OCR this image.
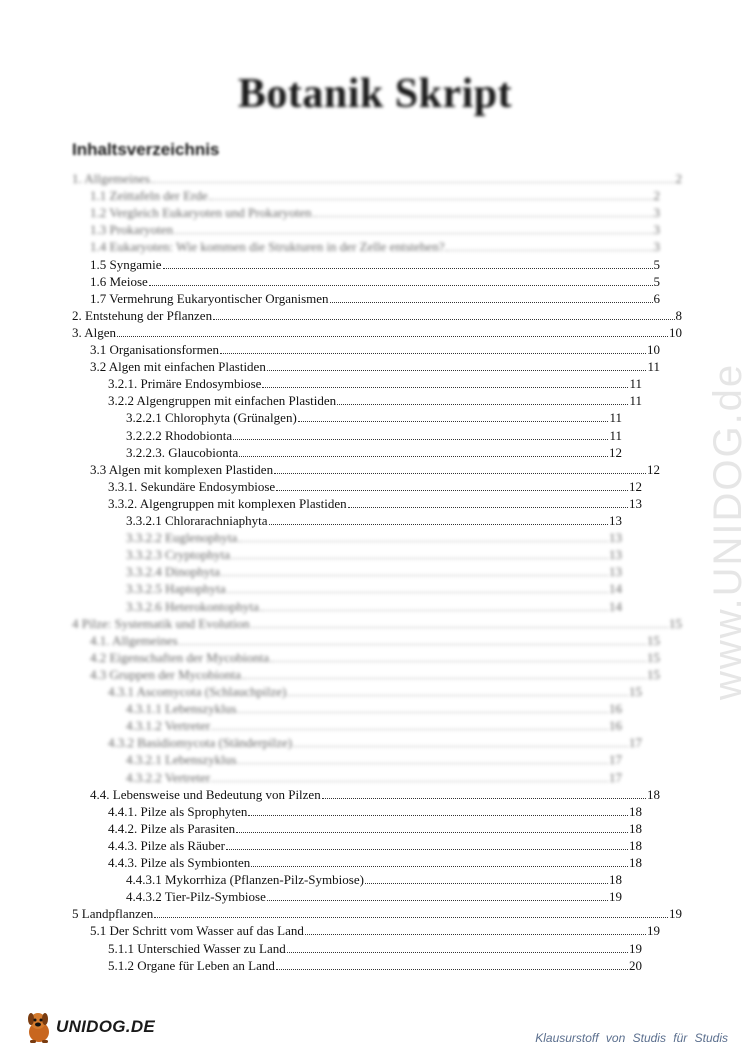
Botanik Skript
Inhaltsverzeichnis
1. Allgemeines	2
1.1 Zeittafeln der Erde	2
1.2 Vergleich Eukaryoten und Prokaryoten	3
1.3 Prokaryoten	3
1.4 Eukaryoten: Wie kommen die Strukturen in der Zelle entstehen?	3
1.5 Syngamie	5
1.6 Meiose	5
1.7 Vermehrung Eukaryontischer Organismen	6
2. Entstehung der Pflanzen	8
3. Algen	10
3.1 Organisationsformen	10
3.2 Algen mit einfachen Plastiden	11
3.2.1. Primäre Endosymbiose	11
3.2.2 Algengruppen mit einfachen Plastiden	11
3.2.2.1 Chlorophyta (Grünalgen)	11
3.2.2.2 Rhodobionta	11
3.2.2.3. Glaucobionta	12
3.3 Algen mit komplexen Plastiden	12
3.3.1. Sekundäre Endosymbiose	12
3.3.2. Algengruppen mit komplexen Plastiden	13
3.3.2.1 Chlorarachniaphyta	13
3.3.2.2 Euglenophyta	13
3.3.2.3 Cryptophyta	13
3.3.2.4 Dinophyta	13
3.3.2.5 Haptophyta	14
3.3.2.6 Heterokontophyta	14
4 Pilze: Systematik und Evolution	15
4.1. Allgemeines	15
4.2 Eigenschaften der Mycobionta	15
4.3 Gruppen der Mycobionta	15
4.3.1 Ascomycota (Schlauchpilze)	15
4.3.1.1 Lebenszyklus	16
4.3.1.2 Vertreter	16
4.3.2 Basidiomycota (Ständerpilze)	17
4.3.2.1 Lebenszyklus	17
4.3.2.2 Vertreter	17
4.4. Lebensweise und Bedeutung von Pilzen	18
4.4.1. Pilze als Sprophyten	18
4.4.2. Pilze als Parasiten	18
4.4.3. Pilze als Räuber	18
4.4.3. Pilze als Symbionten	18
4.4.3.1 Mykorrhiza (Pflanzen-Pilz-Symbiose)	18
4.4.3.2 Tier-Pilz-Symbiose	19
5 Landpflanzen	19
5.1 Der Schritt vom Wasser auf das Land	19
5.1.1 Unterschied Wasser zu Land	19
5.1.2 Organe für Leben an Land	20
www.UNIDOG.de
UNIDOG.DE
Klausurstoff von Studis für Studis
